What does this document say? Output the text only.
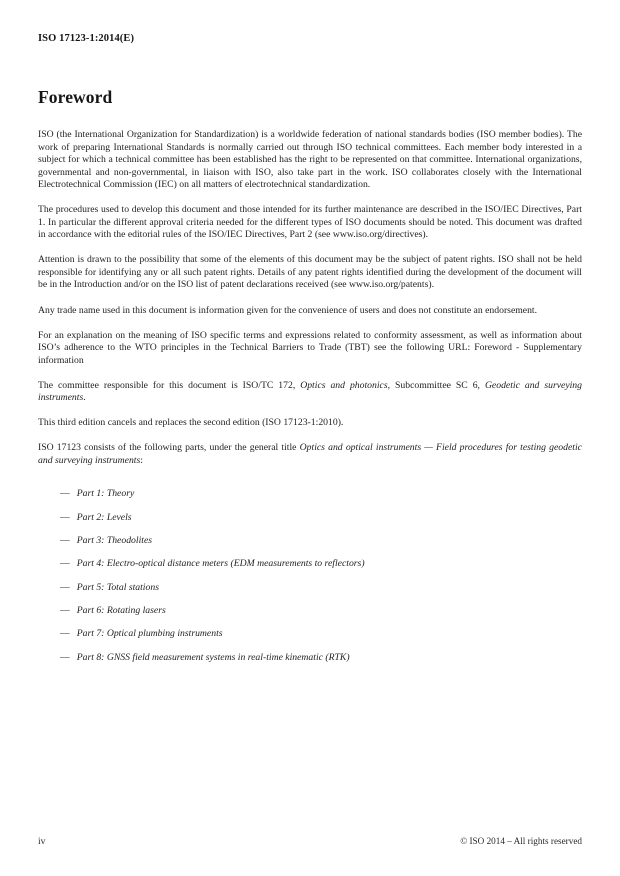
ISO 17123-1:2014(E)
Foreword

ISO (the International Organization for Standardization) is a worldwide federation of national standards bodies (ISO member bodies). The work of preparing International Standards is normally carried out through ISO technical committees. Each member body interested in a subject for which a technical committee has been established has the right to be represented on that committee. International organizations, governmental and non-governmental, in liaison with ISO, also take part in the work. ISO collaborates closely with the International Electrotechnical Commission (IEC) on all matters of electrotechnical standardization.

The procedures used to develop this document and those intended for its further maintenance are described in the ISO/IEC Directives, Part 1. In particular the different approval criteria needed for the different types of ISO documents should be noted. This document was drafted in accordance with the editorial rules of the ISO/IEC Directives, Part 2 (see www.iso.org/directives).

Attention is drawn to the possibility that some of the elements of this document may be the subject of patent rights. ISO shall not be held responsible for identifying any or all such patent rights. Details of any patent rights identified during the development of the document will be in the Introduction and/or on the ISO list of patent declarations received (see www.iso.org/patents).

Any trade name used in this document is information given for the convenience of users and does not constitute an endorsement.

For an explanation on the meaning of ISO specific terms and expressions related to conformity assessment, as well as information about ISO’s adherence to the WTO principles in the Technical Barriers to Trade (TBT) see the following URL: Foreword - Supplementary information

The committee responsible for this document is ISO/TC 172, Optics and photonics, Subcommittee SC 6, Geodetic and surveying instruments.

This third edition cancels and replaces the second edition (ISO 17123-1:2010).

ISO 17123 consists of the following parts, under the general title Optics and optical instruments — Field procedures for testing geodetic and surveying instruments:

— Part 1: Theory
— Part 2: Levels
— Part 3: Theodolites
— Part 4: Electro-optical distance meters (EDM measurements to reflectors)
— Part 5: Total stations
— Part 6: Rotating lasers
— Part 7: Optical plumbing instruments
— Part 8: GNSS field measurement systems in real-time kinematic (RTK)
iv	© ISO 2014 – All rights reserved
